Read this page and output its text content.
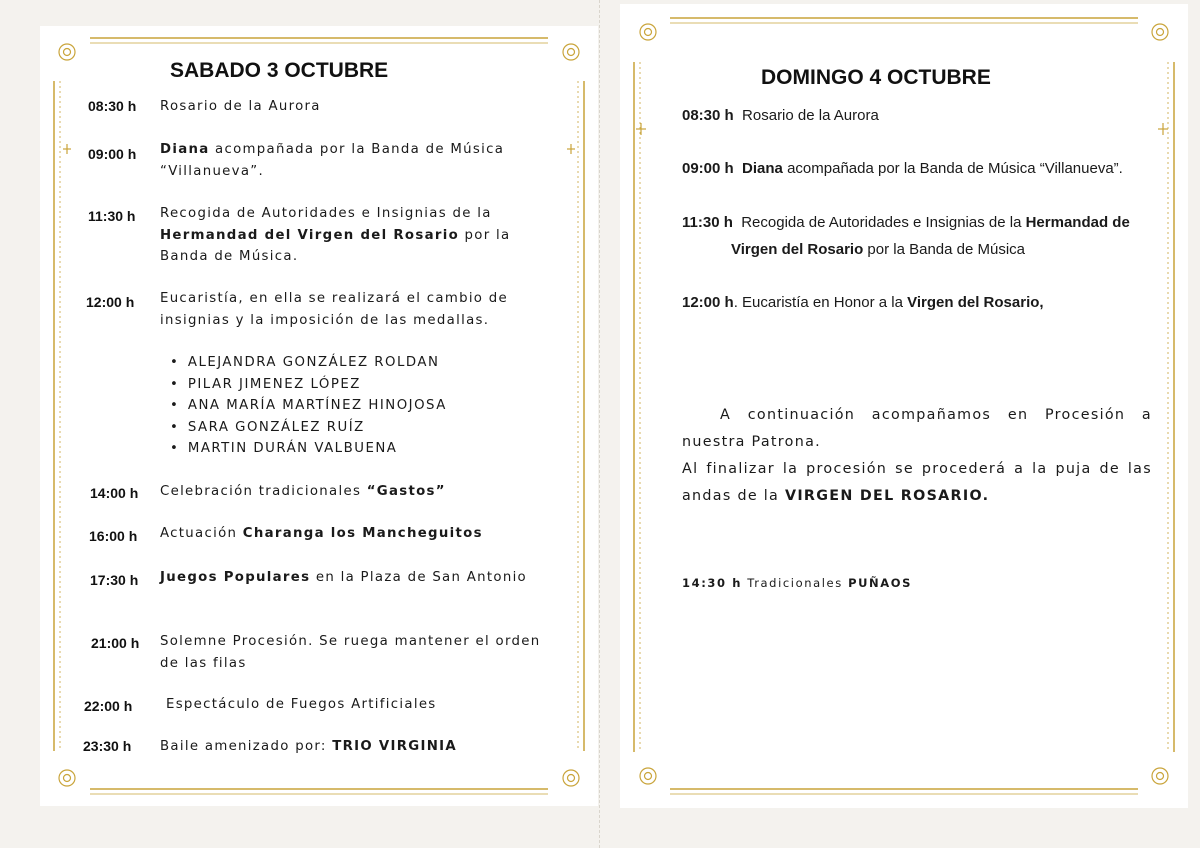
SABADO 3 OCTUBRE
08:30 h Rosario de la Aurora
09:00 h Diana acompañada por la Banda de Música “Villanueva”.
11:30 h Recogida de Autoridades e Insignias de la Hermandad del Virgen del Rosario por la Banda de Música.
12:00 h Eucaristía, en ella se realizará el cambio de insignias y la imposición de las medallas.
• ALEJANDRA GONZÁLEZ ROLDAN
• PILAR JIMENEZ LÓPEZ
• ANA MARÍA MARTÍNEZ HINOJOSA
• SARA GONZÁLEZ RUÍZ
• MARTIN DURÁN VALBUENA
14:00 h Celebración tradicionales “Gastos”
16:00 h Actuación Charanga los Mancheguitos
17:30 h Juegos Populares en la Plaza de San Antonio
21:00 h Solemne Procesión. Se ruega mantener el orden de las filas
22:00 h	Espectáculo de Fuegos Artificiales
23:30 h Baile amenizado por: TRIO VIRGINIA
DOMINGO 4 OCTUBRE
08:30 h Rosario de la Aurora
09:00 h Diana acompañada por la Banda de Música “Villanueva”.
11:30 h Recogida de Autoridades e Insignias de la Hermandad de
Virgen del Rosario por la Banda de Música
12:00 h. Eucaristía en Honor a la Virgen del Rosario,
A continuación acompañamos en Procesión a nuestra Patrona.
Al finalizar la procesión se procederá a la puja de las andas de la VIRGEN DEL ROSARIO.
14:30 h Tradicionales PUÑAOS
